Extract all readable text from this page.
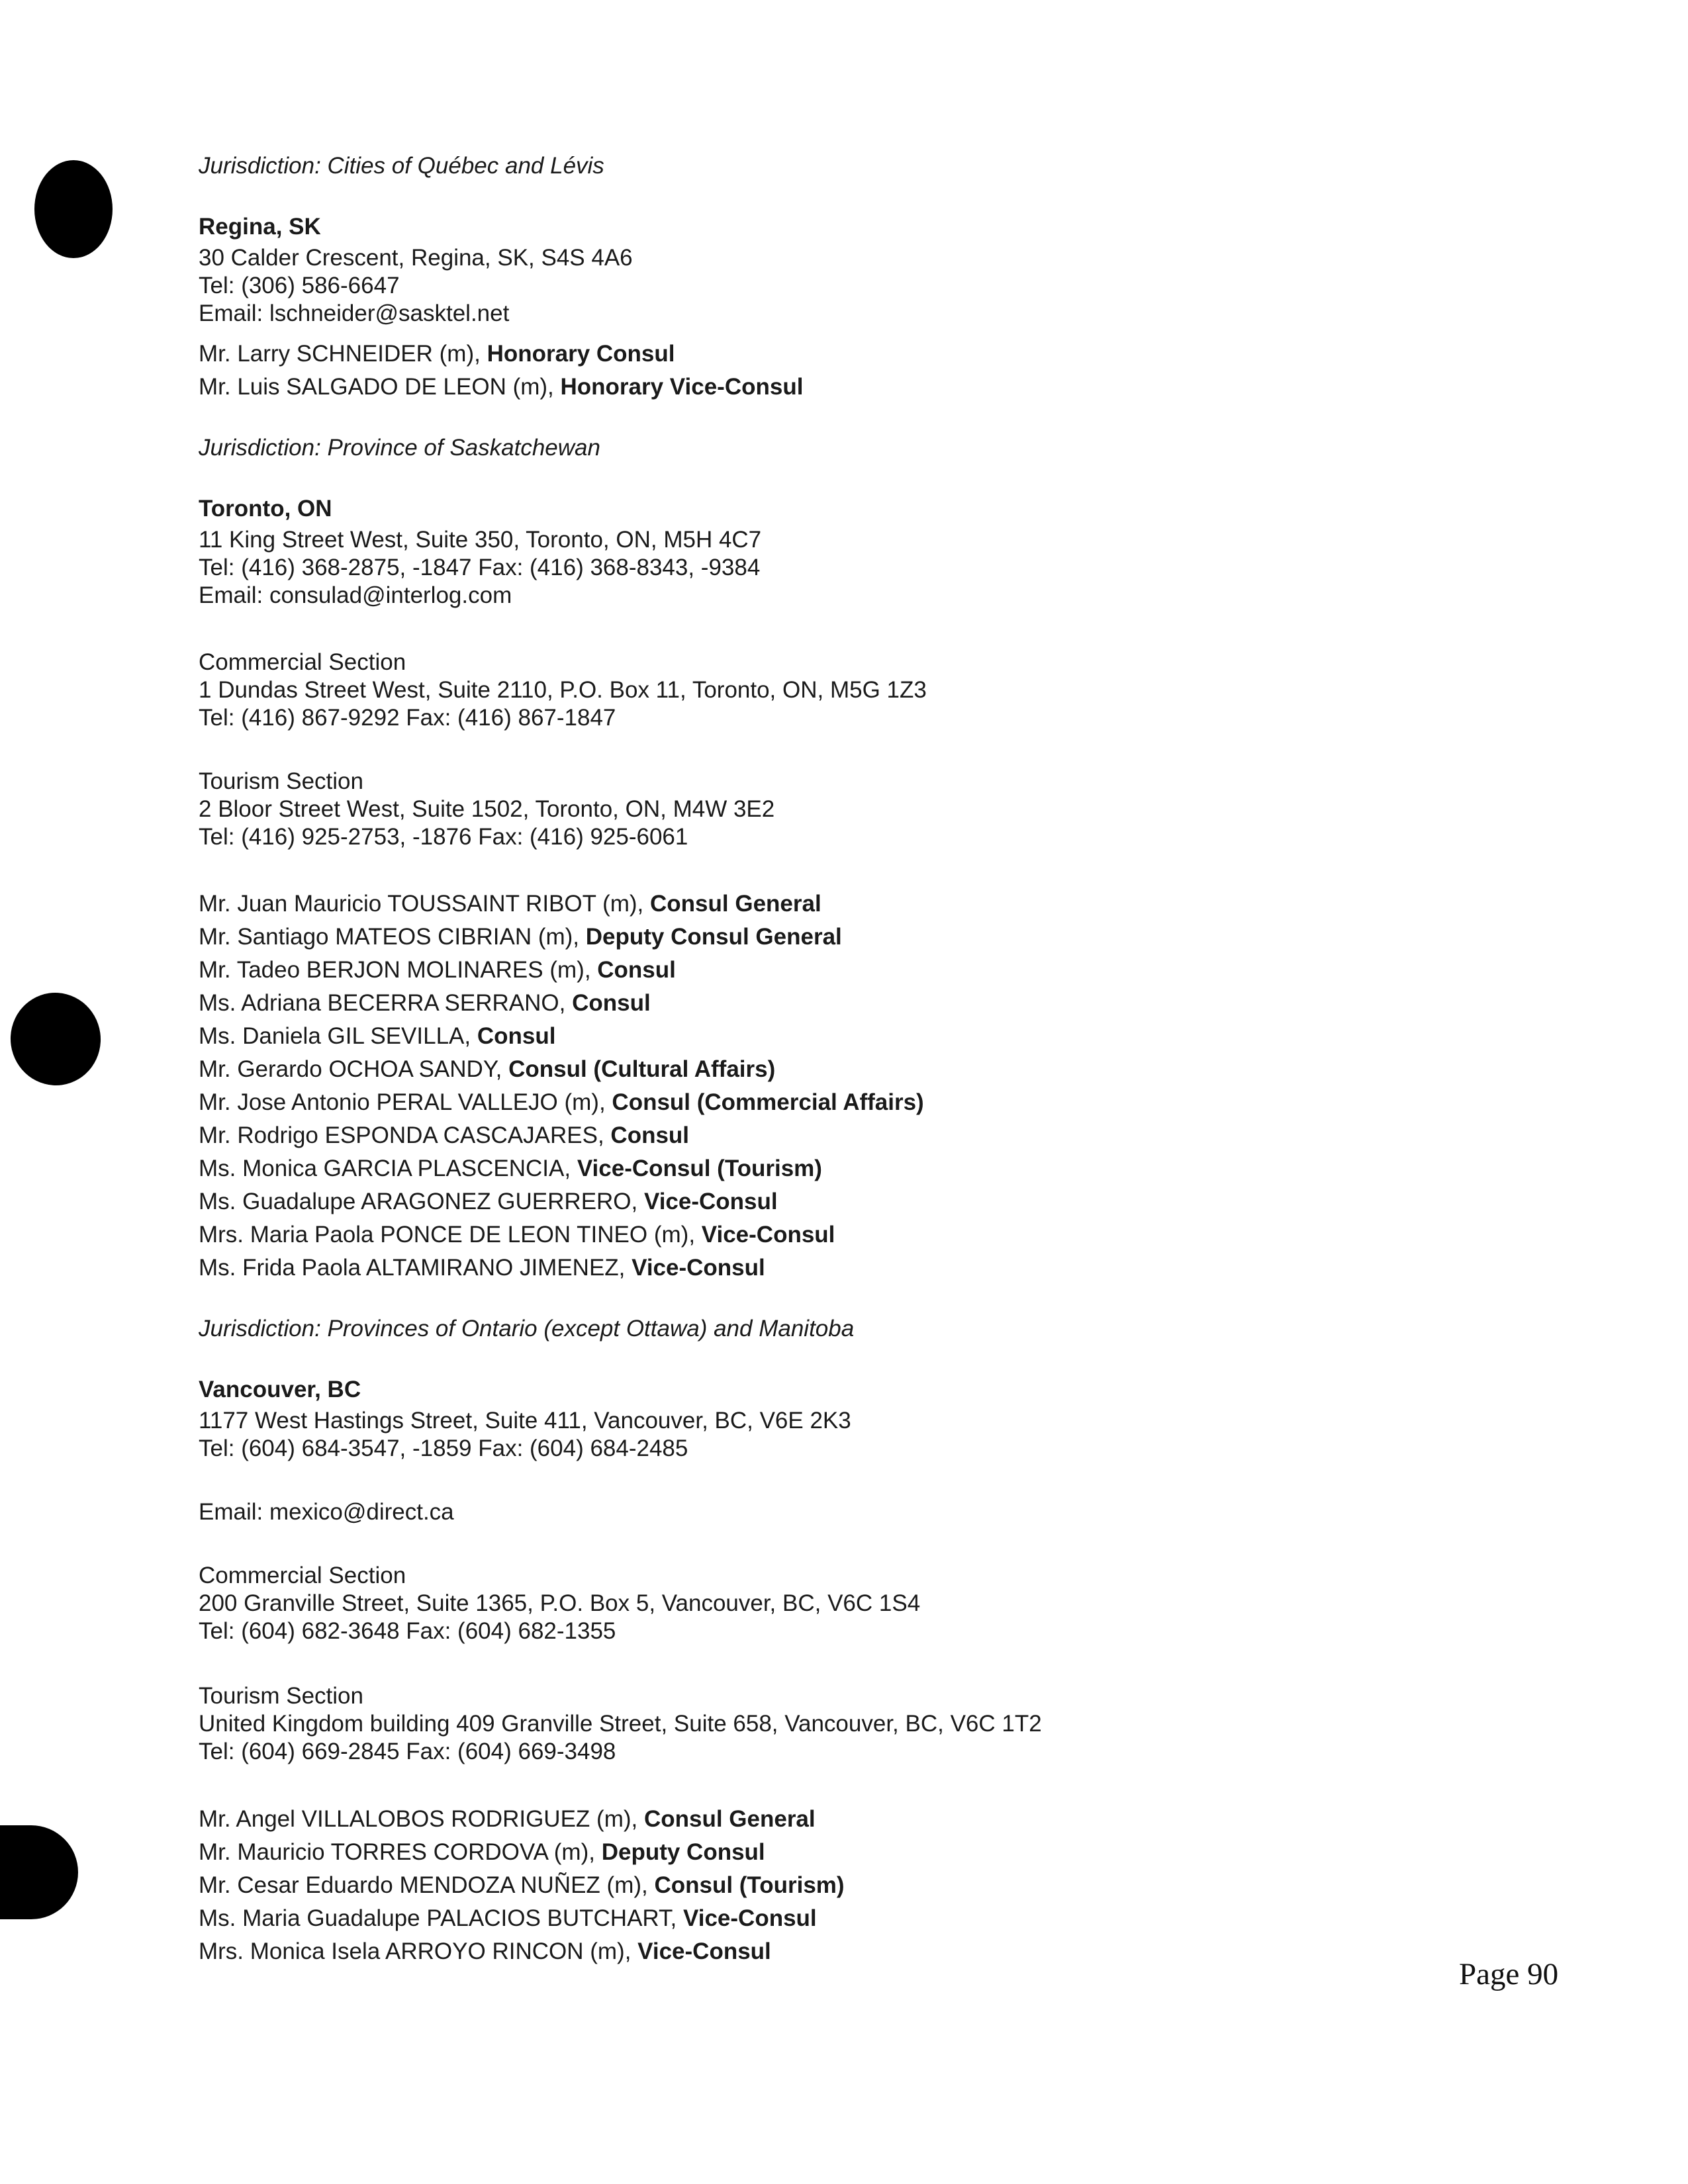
Jurisdiction: Cities of Québec and Lévis
Regina, SK
30 Calder Crescent, Regina, SK, S4S 4A6
Tel: (306) 586-6647
Email: lschneider@sasktel.net
Mr. Larry SCHNEIDER (m), Honorary Consul
Mr. Luis SALGADO DE LEON (m), Honorary Vice-Consul
Jurisdiction: Province of Saskatchewan
Toronto, ON
11 King Street West, Suite 350, Toronto, ON, M5H 4C7
Tel: (416) 368-2875, -1847 Fax: (416) 368-8343, -9384
Email: consulad@interlog.com
Commercial Section
1 Dundas Street West, Suite 2110, P.O. Box 11, Toronto, ON, M5G 1Z3
Tel: (416) 867-9292 Fax: (416) 867-1847
Tourism Section
2 Bloor Street West, Suite 1502, Toronto, ON, M4W 3E2
Tel: (416) 925-2753, -1876 Fax: (416) 925-6061
Mr. Juan Mauricio TOUSSAINT RIBOT (m), Consul General
Mr. Santiago MATEOS CIBRIAN (m), Deputy Consul General
Mr. Tadeo BERJON MOLINARES (m), Consul
Ms. Adriana BECERRA SERRANO, Consul
Ms. Daniela GIL SEVILLA, Consul
Mr. Gerardo OCHOA SANDY, Consul (Cultural Affairs)
Mr. Jose Antonio PERAL VALLEJO (m), Consul (Commercial Affairs)
Mr. Rodrigo ESPONDA CASCAJARES, Consul
Ms. Monica GARCIA PLASCENCIA, Vice-Consul (Tourism)
Ms. Guadalupe ARAGONEZ GUERRERO, Vice-Consul
Mrs. Maria Paola PONCE DE LEON TINEO (m), Vice-Consul
Ms. Frida Paola ALTAMIRANO JIMENEZ, Vice-Consul
Jurisdiction: Provinces of Ontario (except Ottawa) and Manitoba
Vancouver, BC
1177 West Hastings Street, Suite 411, Vancouver, BC, V6E 2K3
Tel: (604) 684-3547, -1859 Fax: (604) 684-2485
Email: mexico@direct.ca
Commercial Section
200 Granville Street, Suite 1365, P.O. Box 5, Vancouver, BC, V6C 1S4
Tel: (604) 682-3648 Fax: (604) 682-1355
Tourism Section
United Kingdom building 409 Granville Street, Suite 658, Vancouver, BC, V6C 1T2
Tel: (604) 669-2845 Fax: (604) 669-3498
Mr. Angel VILLALOBOS RODRIGUEZ (m), Consul General
Mr. Mauricio TORRES CORDOVA (m), Deputy Consul
Mr. Cesar Eduardo MENDOZA NUÑEZ (m), Consul (Tourism)
Ms. Maria Guadalupe PALACIOS BUTCHART, Vice-Consul
Mrs. Monica Isela ARROYO RINCON (m), Vice-Consul
Page 90
